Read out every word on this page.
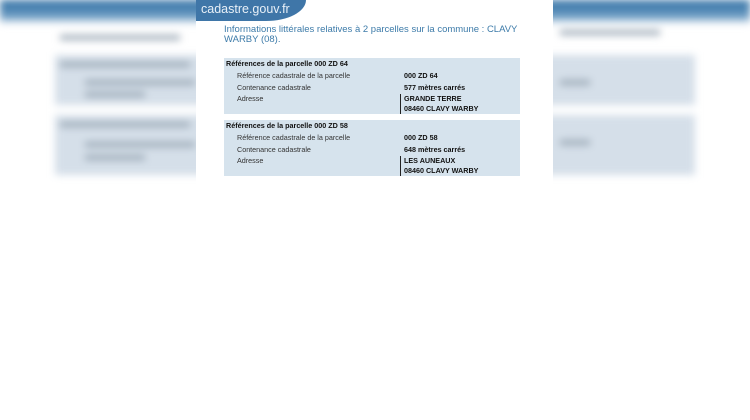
cadastre.gouv.fr
Informations littérales relatives à 2 parcelles sur la commune : CLAVY WARBY (08).
Références de la parcelle 000 ZD 64
Référence cadastrale de la parcelle	000 ZD 64
Contenance cadastrale	577 mètres carrés
Adresse	GRANDE TERRE
08460 CLAVY WARBY
Références de la parcelle 000 ZD 58
Référence cadastrale de la parcelle	000 ZD 58
Contenance cadastrale	648 mètres carrés
Adresse	LES AUNEAUX
08460 CLAVY WARBY
